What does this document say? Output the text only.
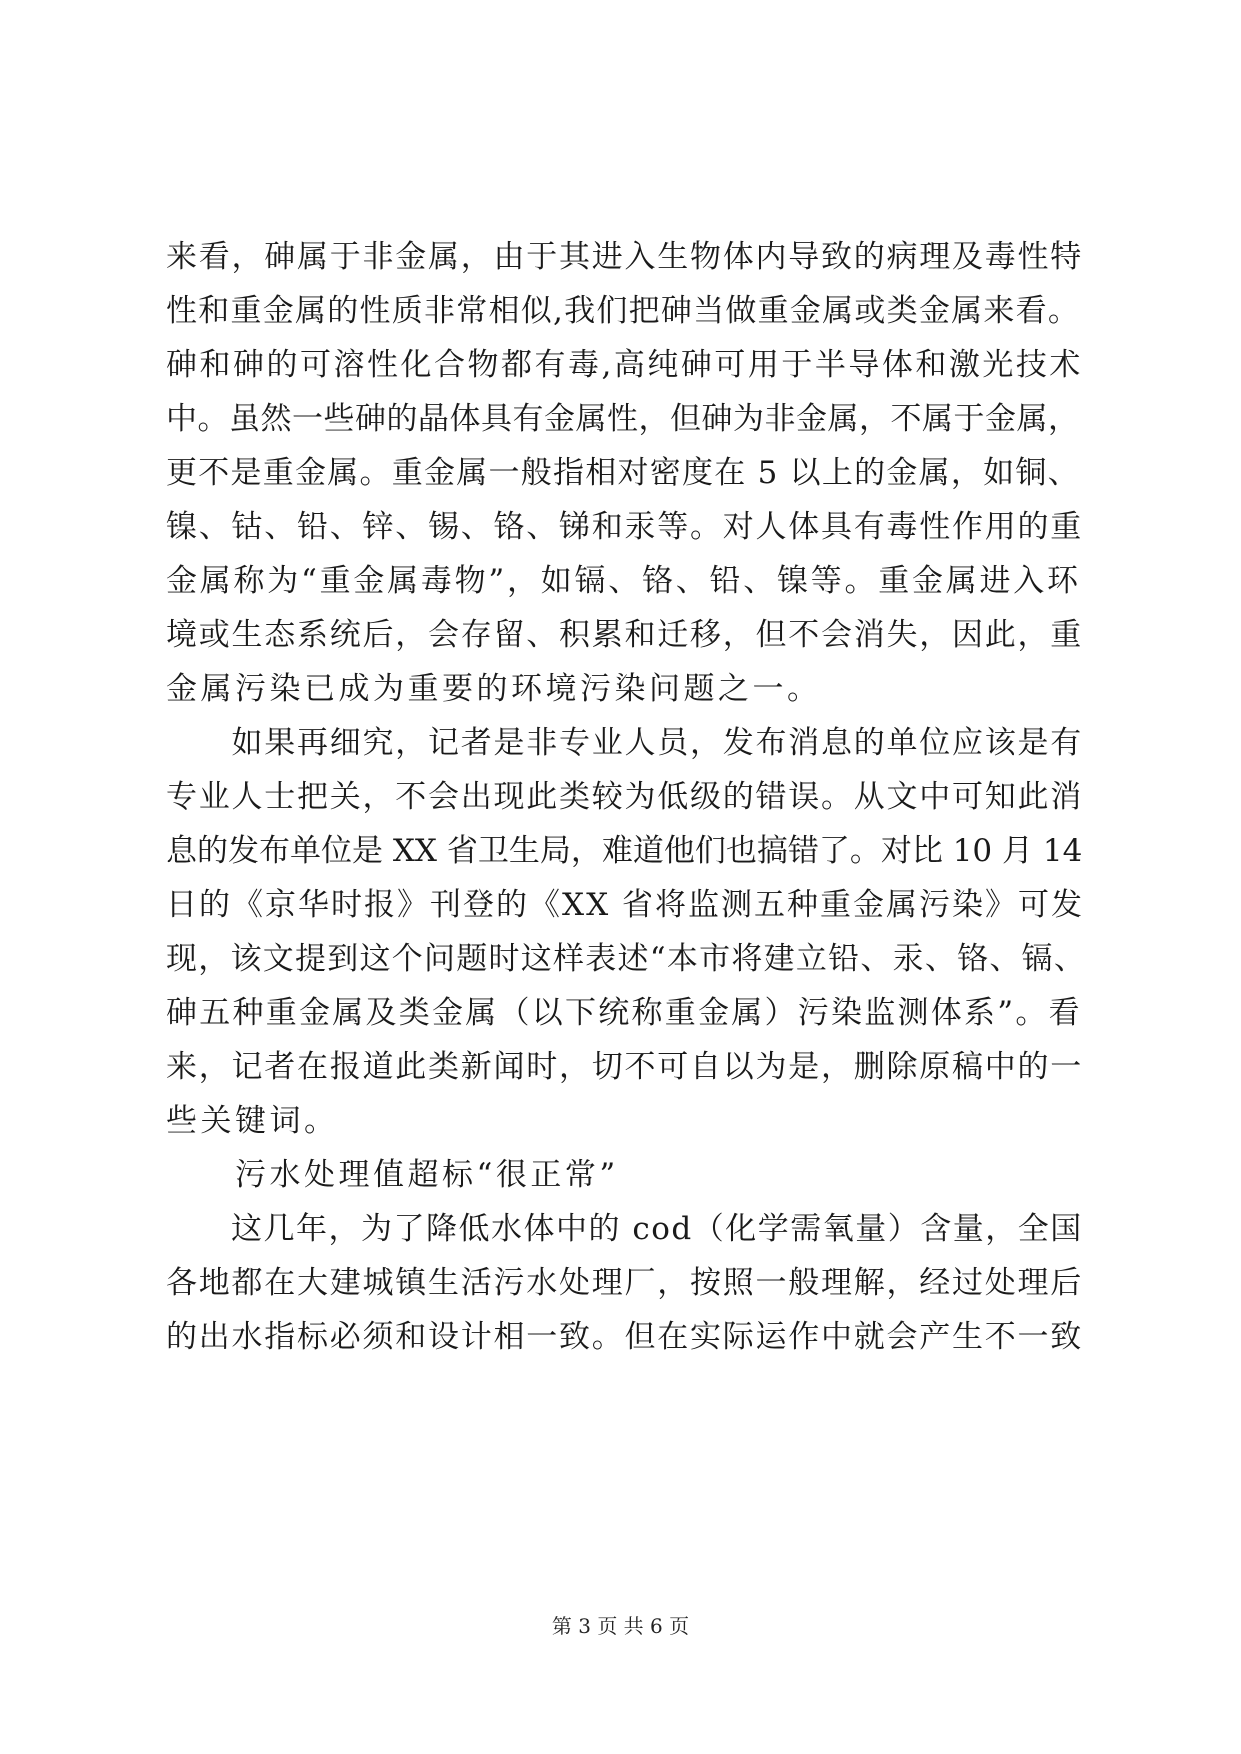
来看，砷属于非金属，由于其进入生物体内导致的病理及毒性特
性和重金属的性质非常相似,我们把砷当做重金属或类金属来看。
砷和砷的可溶性化合物都有毒,高纯砷可用于半导体和激光技术
中。虽然一些砷的晶体具有金属性，但砷为非金属，不属于金属，
更不是重金属。重金属一般指相对密度在 5 以上的金属，如铜、
镍、钴、铅、锌、锡、铬、锑和汞等。对人体具有毒性作用的重
金属称为“重金属毒物”，如镉、铬、铅、镍等。重金属进入环
境或生态系统后，会存留、积累和迁移，但不会消失，因此，重
金属污染已成为重要的环境污染问题之一。
　　如果再细究，记者是非专业人员，发布消息的单位应该是有
专业人士把关，不会出现此类较为低级的错误。从文中可知此消
息的发布单位是 XX 省卫生局，难道他们也搞错了。对比 10 月 14
日的《京华时报》刊登的《XX 省将监测五种重金属污染》可发
现，该文提到这个问题时这样表述“本市将建立铅、汞、铬、镉、
砷五种重金属及类金属（以下统称重金属）污染监测体系”。看
来，记者在报道此类新闻时，切不可自以为是，删除原稿中的一
些关键词。
　　污水处理值超标“很正常”
　　这几年，为了降低水体中的 cod（化学需氧量）含量，全国
各地都在大建城镇生活污水处理厂，按照一般理解，经过处理后
的出水指标必须和设计相一致。但在实际运作中就会产生不一致
第 3 页 共 6 页
